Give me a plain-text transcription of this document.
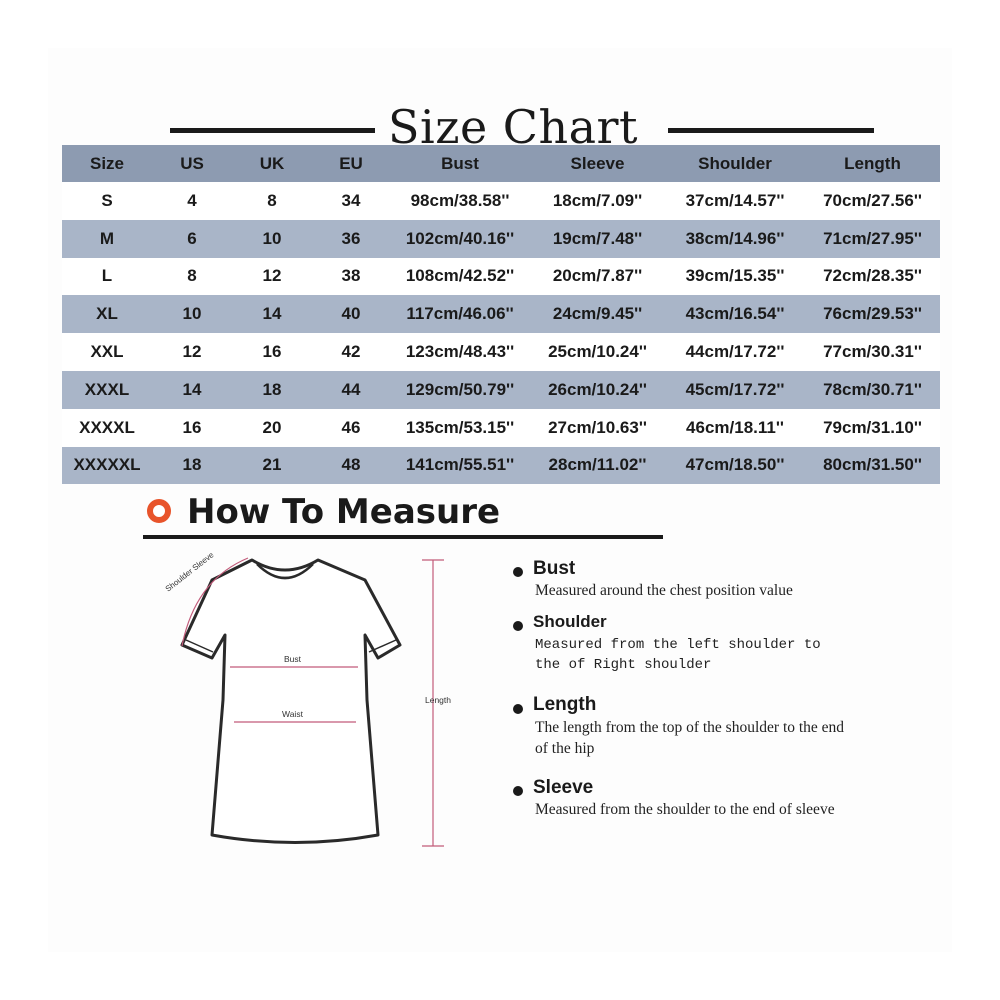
Size Chart
Size	US	UK	EU	Bust	Sleeve	Shoulder	Length
S	4	8	34	98cm/38.58''	18cm/7.09''	37cm/14.57''	70cm/27.56''
M	6	10	36	102cm/40.16''	19cm/7.48''	38cm/14.96''	71cm/27.95''
L	8	12	38	108cm/42.52''	20cm/7.87''	39cm/15.35''	72cm/28.35''
XL	10	14	40	117cm/46.06''	24cm/9.45''	43cm/16.54''	76cm/29.53''
XXL	12	16	42	123cm/48.43''	25cm/10.24''	44cm/17.72''	77cm/30.31''
XXXL	14	18	44	129cm/50.79''	26cm/10.24''	45cm/17.72''	78cm/30.71''
XXXXL	16	20	46	135cm/53.15''	27cm/10.63''	46cm/18.11''	79cm/31.10''
XXXXXL	18	21	48	141cm/55.51''	28cm/11.02''	47cm/18.50''	80cm/31.50''
How To Measure
Shoulder Sleeve
Bust
Waist
Length
Bust
Measured around the chest position value
Shoulder
Measured from the left shoulder to the of Right shoulder
Length
The length from the top of the shoulder to the end of the hip
Sleeve
Measured from the shoulder to the end of sleeve
